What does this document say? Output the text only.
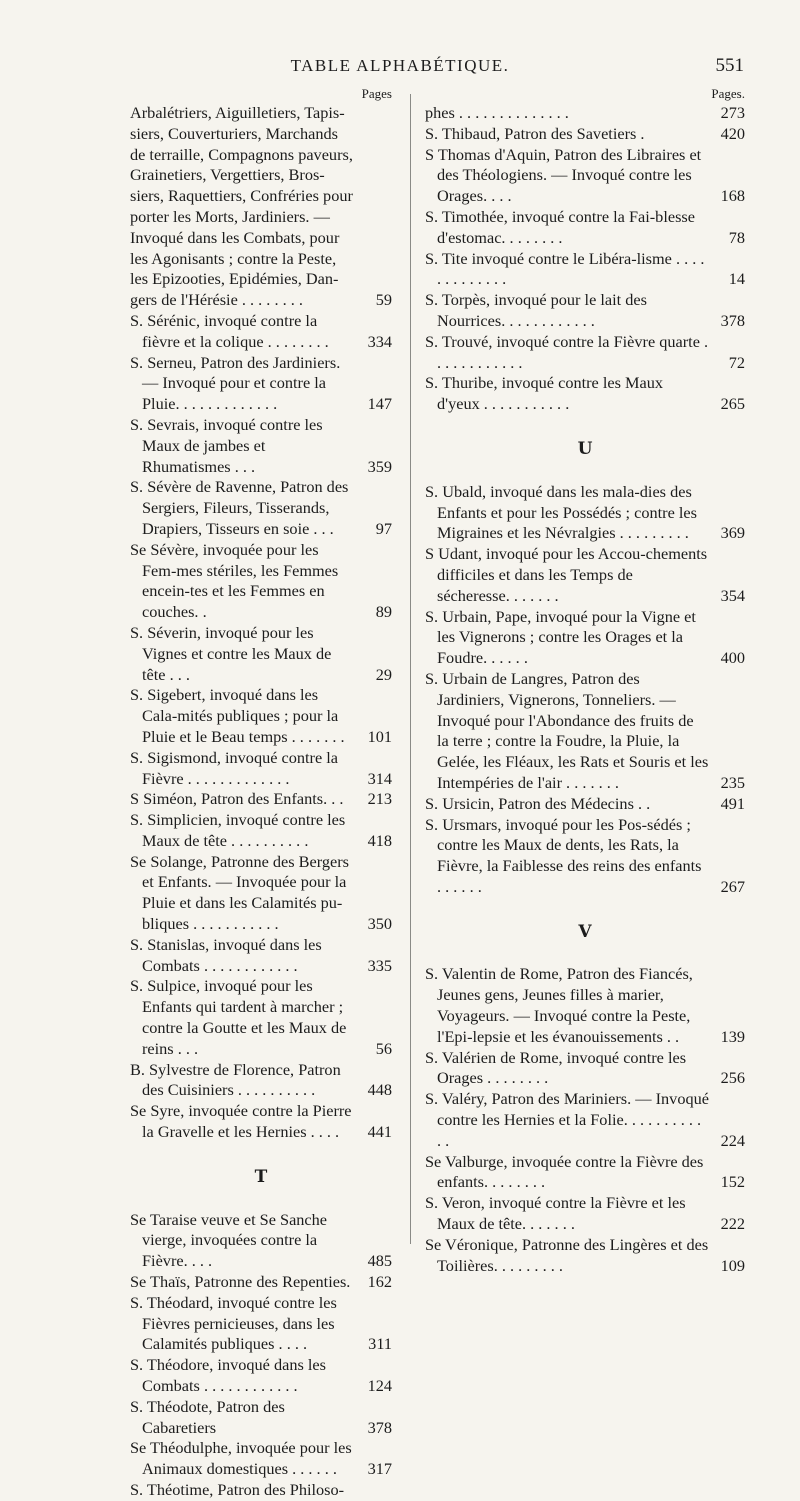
TABLE ALPHABÉTIQUE.	551
Pages
Arbalétriers, Aiguilletiers, Tapis-siers, Couverturiers, Marchands de terraille, Compagnons paveurs, Grainetiers, Vergettiers, Bros-siers, Raquettiers, Confréries pour porter les Morts, Jardiniers. — Invoqué dans les Combats, pour les Agonisants ; contre la Peste, les Epizooties, Epidémies, Dan-gers de l'Hérésie . . . . . . . .	59
S. Sérénic, invoqué contre la fièvre et la colique . . . . . . . .	334
S. Serneu, Patron des Jardiniers. — Invoqué pour et contre la Pluie. . . . . . . . . . . . .	147
S. Sevrais, invoqué contre les Maux de jambes et Rhumatismes . . .	359
S. Sévère de Ravenne, Patron des Sergiers, Fileurs, Tisserands, Drapiers, Tisseurs en soie . . .	97
Se Sévère, invoquée pour les Fem-mes stériles, les Femmes encein-tes et les Femmes en couches. .	89
S. Séverin, invoqué pour les Vignes et contre les Maux de tête . . .	29
S. Sigebert, invoqué dans les Cala-mités publiques ; pour la Pluie et le Beau temps . . . . . . .	101
S. Sigismond, invoqué contre la Fièvre . . . . . . . . . . . . .	314
S Siméon, Patron des Enfants. . .	213
S. Simplicien, invoqué contre les Maux de tête . . . . . . . . . .	418
Se Solange, Patronne des Bergers et Enfants. — Invoquée pour la Pluie et dans les Calamités pu-bliques . . . . . . . . . . .	350
S. Stanislas, invoqué dans les Combats . . . . . . . . . . . .	335
S. Sulpice, invoqué pour les Enfants qui tardent à marcher ; contre la Goutte et les Maux de reins . . .	56
B. Sylvestre de Florence, Patron des Cuisiniers . . . . . . . . . .	448
Se Syre, invoquée contre la Pierre la Gravelle et les Hernies . . . .	441
T
Se Taraise veuve et Se Sanche vierge, invoquées contre la Fièvre. . . .	485
Se Thaïs, Patronne des Repenties.	162
S. Théodard, invoqué contre les Fièvres pernicieuses, dans les Calamités publiques . . . .	311
S. Théodore, invoqué dans les Combats . . . . . . . . . . . .	124
S. Théodote, Patron des Cabaretiers	378
Se Théodulphe, invoquée pour les Animaux domestiques . . . . . .	317
S. Théotime, Patron des Philoso-
Pages.
phes . . . . . . . . . . . . . .	273
S. Thibaud, Patron des Savetiers .	420
S Thomas d'Aquin, Patron des Libraires et des Théologiens. — Invoqué contre les Orages. . . .	168
S. Timothée, invoqué contre la Fai-blesse d'estomac. . . . . . . .	78
S. Tite invoqué contre le Libéra-lisme . . . . . . . . . . . . .	14
S. Torpès, invoqué pour le lait des Nourrices. . . . . . . . . . . .	378
S. Trouvé, invoqué contre la Fièvre quarte . . . . . . . . . . . .	72
S. Thuribe, invoqué contre les Maux d'yeux . . . . . . . . . . .	265
U
S. Ubald, invoqué dans les mala-dies des Enfants et pour les Possédés ; contre les Migraines et les Névralgies . . . . . . . . .	369
S Udant, invoqué pour les Accou-chements difficiles et dans les Temps de sécheresse. . . . . . .	354
S. Urbain, Pape, invoqué pour la Vigne et les Vignerons ; contre les Orages et la Foudre. . . . . .	400
S. Urbain de Langres, Patron des Jardiniers, Vignerons, Tonneliers. — Invoqué pour l'Abondance des fruits de la terre ; contre la Foudre, la Pluie, la Gelée, les Fléaux, les Rats et Souris et les Intempéries de l'air . . . . . . .	235
S. Ursicin, Patron des Médecins . .	491
S. Ursmars, invoqué pour les Pos-sédés ; contre les Maux de dents, les Rats, la Fièvre, la Faiblesse des reins des enfants . . . . . .	267
V
S. Valentin de Rome, Patron des Fiancés, Jeunes gens, Jeunes filles à marier, Voyageurs. — Invoqué contre la Peste, l'Epi-lepsie et les évanouissements . .	139
S. Valérien de Rome, invoqué contre les Orages . . . . . . . .	256
S. Valéry, Patron des Mariniers. — Invoqué contre les Hernies et la Folie. . . . . . . . . . . .	224
Se Valburge, invoquée contre la Fièvre des enfants. . . . . . . .	152
S. Veron, invoqué contre la Fièvre et les Maux de tête. . . . . . .	222
Se Véronique, Patronne des Lingères et des Toilières. . . . . . . . .	109
